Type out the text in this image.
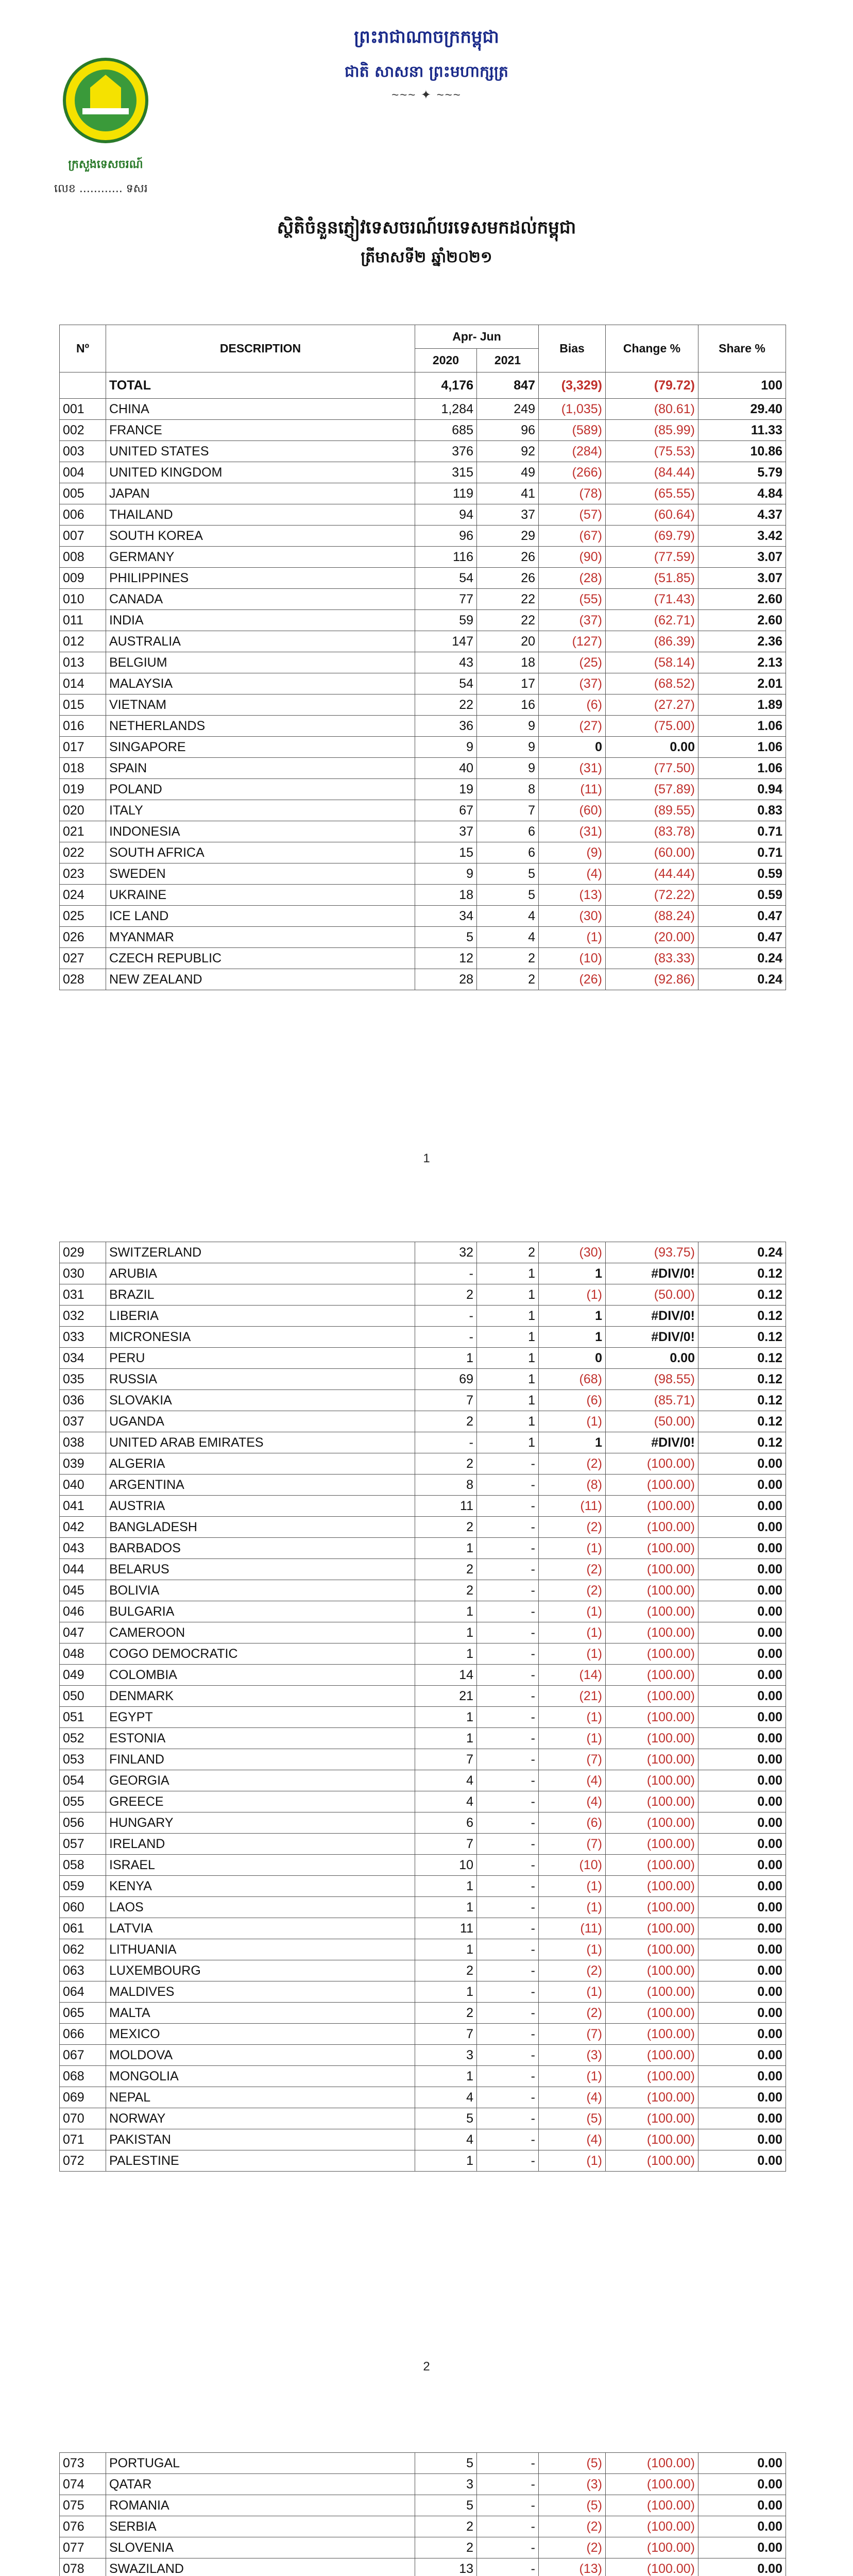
ព្រះរាជាណាចក្រកម្ពុជា
ជាតិ សាសនា ព្រះមហាក្សត្រ
~~~ ✦ ~~~
ក្រសួងទេសចរណ៍
លេខ ............ ទសរ
ស្ថិតិចំនួនភ្ញៀវទេសចរណ៍បរទេសមកដល់កម្ពុជា
ត្រីមាសទី២ ឆ្នាំ២០២១
Nº	DESCRIPTION	Apr- Jun		Bias	Change %	Share %
		2020	2021			
	TOTAL	4,176	847	(3,329)	(79.72)	100
001	CHINA	1,284	249	(1,035)	(80.61)	29.40
002	FRANCE	685	96	(589)	(85.99)	11.33
003	UNITED STATES	376	92	(284)	(75.53)	10.86
004	UNITED KINGDOM	315	49	(266)	(84.44)	5.79
005	JAPAN	119	41	(78)	(65.55)	4.84
006	THAILAND	94	37	(57)	(60.64)	4.37
007	SOUTH KOREA	96	29	(67)	(69.79)	3.42
008	GERMANY	116	26	(90)	(77.59)	3.07
009	PHILIPPINES	54	26	(28)	(51.85)	3.07
010	CANADA	77	22	(55)	(71.43)	2.60
011	INDIA	59	22	(37)	(62.71)	2.60
012	AUSTRALIA	147	20	(127)	(86.39)	2.36
013	BELGIUM	43	18	(25)	(58.14)	2.13
014	MALAYSIA	54	17	(37)	(68.52)	2.01
015	VIETNAM	22	16	(6)	(27.27)	1.89
016	NETHERLANDS	36	9	(27)	(75.00)	1.06
017	SINGAPORE	9	9	0	0.00	1.06
018	SPAIN	40	9	(31)	(77.50)	1.06
019	POLAND	19	8	(11)	(57.89)	0.94
020	ITALY	67	7	(60)	(89.55)	0.83
021	INDONESIA	37	6	(31)	(83.78)	0.71
022	SOUTH AFRICA	15	6	(9)	(60.00)	0.71
023	SWEDEN	9	5	(4)	(44.44)	0.59
024	UKRAINE	18	5	(13)	(72.22)	0.59
025	ICE LAND	34	4	(30)	(88.24)	0.47
026	MYANMAR	5	4	(1)	(20.00)	0.47
027	CZECH REPUBLIC	12	2	(10)	(83.33)	0.24
028	NEW ZEALAND	28	2	(26)	(92.86)	0.24
1
029	SWITZERLAND	32	2	(30)	(93.75)	0.24
030	ARUBIA	-	1	1	#DIV/0!	0.12
031	BRAZIL	2	1	(1)	(50.00)	0.12
032	LIBERIA	-	1	1	#DIV/0!	0.12
033	MICRONESIA	-	1	1	#DIV/0!	0.12
034	PERU	1	1	0	0.00	0.12
035	RUSSIA	69	1	(68)	(98.55)	0.12
036	SLOVAKIA	7	1	(6)	(85.71)	0.12
037	UGANDA	2	1	(1)	(50.00)	0.12
038	UNITED ARAB EMIRATES	-	1	1	#DIV/0!	0.12
039	ALGERIA	2	-	(2)	(100.00)	0.00
040	ARGENTINA	8	-	(8)	(100.00)	0.00
041	AUSTRIA	11	-	(11)	(100.00)	0.00
042	BANGLADESH	2	-	(2)	(100.00)	0.00
043	BARBADOS	1	-	(1)	(100.00)	0.00
044	BELARUS	2	-	(2)	(100.00)	0.00
045	BOLIVIA	2	-	(2)	(100.00)	0.00
046	BULGARIA	1	-	(1)	(100.00)	0.00
047	CAMEROON	1	-	(1)	(100.00)	0.00
048	COGO DEMOCRATIC	1	-	(1)	(100.00)	0.00
049	COLOMBIA	14	-	(14)	(100.00)	0.00
050	DENMARK	21	-	(21)	(100.00)	0.00
051	EGYPT	1	-	(1)	(100.00)	0.00
052	ESTONIA	1	-	(1)	(100.00)	0.00
053	FINLAND	7	-	(7)	(100.00)	0.00
054	GEORGIA	4	-	(4)	(100.00)	0.00
055	GREECE	4	-	(4)	(100.00)	0.00
056	HUNGARY	6	-	(6)	(100.00)	0.00
057	IRELAND	7	-	(7)	(100.00)	0.00
058	ISRAEL	10	-	(10)	(100.00)	0.00
059	KENYA	1	-	(1)	(100.00)	0.00
060	LAOS	1	-	(1)	(100.00)	0.00
061	LATVIA	11	-	(11)	(100.00)	0.00
062	LITHUANIA	1	-	(1)	(100.00)	0.00
063	LUXEMBOURG	2	-	(2)	(100.00)	0.00
064	MALDIVES	1	-	(1)	(100.00)	0.00
065	MALTA	2	-	(2)	(100.00)	0.00
066	MEXICO	7	-	(7)	(100.00)	0.00
067	MOLDOVA	3	-	(3)	(100.00)	0.00
068	MONGOLIA	1	-	(1)	(100.00)	0.00
069	NEPAL	4	-	(4)	(100.00)	0.00
070	NORWAY	5	-	(5)	(100.00)	0.00
071	PAKISTAN	4	-	(4)	(100.00)	0.00
072	PALESTINE	1	-	(1)	(100.00)	0.00
2
073	PORTUGAL	5	-	(5)	(100.00)	0.00
074	QATAR	3	-	(3)	(100.00)	0.00
075	ROMANIA	5	-	(5)	(100.00)	0.00
076	SERBIA	2	-	(2)	(100.00)	0.00
077	SLOVENIA	2	-	(2)	(100.00)	0.00
078	SWAZILAND	13	-	(13)	(100.00)	0.00
